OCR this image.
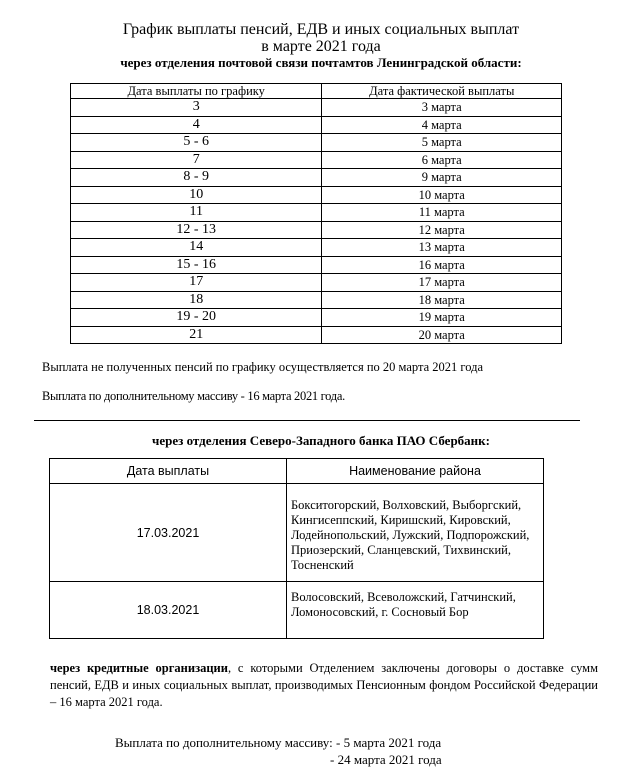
График выплаты пенсий, ЕДВ и иных социальных выплат
в марте 2021 года
через отделения почтовой связи почтамтов Ленинградской области:
Дата выплаты по графику	Дата фактической выплаты
3	3 марта
4	4 марта
5 - 6	5 марта
7	6 марта
8 - 9	9 марта
10	10 марта
11	11 марта
12 - 13	12 марта
14	13 марта
15 - 16	16 марта
17	17 марта
18	18 марта
19 - 20	19 марта
21	20 марта
Выплата не полученных пенсий по графику осуществляется по 20 марта 2021 года
Выплата по дополнительному массиву - 16 марта 2021 года.
через отделения Северо-Западного банка ПАО Сбербанк:
Дата выплаты	Наименование района
17.03.2021	Бокситогорский, Волховский, Выборгский, Кингисеппский, Киришский, Кировский, Лодейнопольский, Лужский, Подпорожский, Приозерский, Сланцевский, Тихвинский, Тосненский
18.03.2021	Волосовский, Всеволожский, Гатчинский, Ломоносовский, г. Сосновый Бор
через кредитные организации, с которыми Отделением заключены договоры о доставке сумм пенсий, ЕДВ и иных социальных выплат, производимых Пенсионным фондом Российской Федерации – 16 марта 2021 года.
Выплата по дополнительному массиву: - 5 марта 2021 года
- 24 марта 2021 года
